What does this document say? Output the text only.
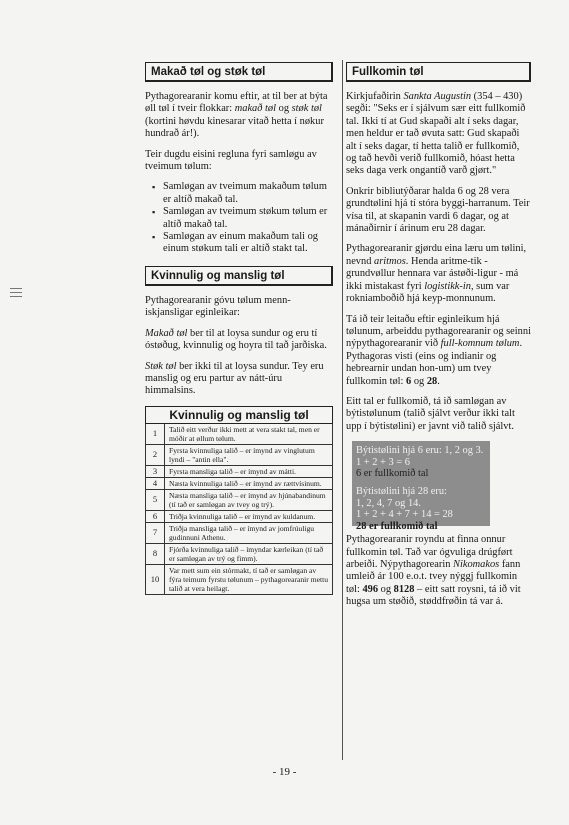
Makað tøl og støk tøl

Pythagorearanir komu eftir, at til ber at býta øll tøl í tveir flokkar: makað tøl og støk tøl (kortini høvdu kinesarar vitað hetta í nøkur hundrað ár!).

Teir dugdu eisini regluna fyri samløgu av tveimum tølum:

▪ Samløgan av tveimum makaðum tølum er altíð makað tal.
▪ Samløgan av tveimum støkum tølum er altíð makað tal.
▪ Samløgan av einum makaðum tali og einum støkum tali er altíð stakt tal.
Kvinnulig og manslig tøl

Pythagorearanir góvu tølum menn-iskjansligar eginleikar:

Makað tøl ber til at loysa sundur og eru tí óstøðug, kvinnulig og hoyra til tað jarðiska.

Støk tøl ber ikki til at loysa sundur. Tey eru manslig og eru partur av nátt-úru himmalsins.

Kvinnulig og manslig tøl	
1	Talið eitt verður ikki mett at vera stakt tal, men er móðir at øllum tølum.
2	Fyrsta kvinnuliga talið – er ímynd av vinglutum lyndi – "antin ella".
3	Fyrsta mansliga talið – er ímynd av mátti.
4	Næsta kvinnuliga talið – er ímynd av rættvísinum.
5	Næsta mansliga talið – er ímynd av hjúnabandinum (tí tað er samløgan av tvey og trý).
6	Triðja kvinnuliga talið – er ímynd av kuldanum.
7	Triðja mansliga talið – er ímynd av jomfrúuligu gudinnuni Athenu.
8	Fjórða kvinnuliga talið – ímyndar kærleikan (tí tað er samløgan av trý og fimm).
10	Var mett sum ein stórmakt, tí tað er samløgan av fýra teimum fyrstu tølunum – pythagorearanir mettu talið at vera heilagt.
Fullkomin tøl

Kirkjufaðirin Sankta Augustin (354 – 430) segði: "Seks er í sjálvum sær eitt fullkomið tal. Ikki tí at Gud skapaði alt í seks dagar, men heldur er tað øvuta satt: Gud skapaði alt í seks dagar, tí hetta talið er fullkomið, og tað hevði verið fullkomið, hóast hetta seks daga verk ongantíð varð gjørt."

Onkrir bibliutýðarar halda 6 og 28 vera grundtølini hjá tí stóra byggi-harranum. Teir vísa til, at skapanin vardi 6 dagar, og at mánaðirnir í árinum eru 28 dagar.

Pythagorearanir gjørdu eina læru um tølini, nevnd aritmos. Henda aritme-tik - grundvøllur hennara var ástøði-ligur - má ikki mistakast fyri logistikk-in, sum var rokniamboðið hjá keyp-monnunum.

Tá ið teir leitaðu eftir eginleikum hjá tølunum, arbeiddu pythagorearanir og seinni nýpythagorearanir við full-komnum tølum. Pythagoras visti (eins og indianir og hebrearnir undan hon-um) um tvey fullkomin tøl: 6 og 28.

Eitt tal er fullkomið, tá ið samløgan av býtistølunum (talið sjálvt verður ikki talt upp í býtistølini) er javnt við talið sjálvt.

Býtistølini hjá 6 eru: 1, 2 og 3.
1 + 2 + 3 = 6
6 er fullkomið tal
Býtistølini hjá 28 eru:
1, 2, 4, 7 og 14.
1 + 2 + 4 + 7 + 14 = 28
28 er fullkomið tal

Pythagorearanir royndu at finna onnur fullkomin tøl. Tað var ógvuliga drúgført arbeiði. Nýpythagorearin Nikomakos fann umleið ár 100 e.o.t. tvey nýggj fullkomin tøl: 496 og 8128 – eitt satt roysni, tá ið vit hugsa um støðið, støddfrøðin tá var á.

- 19 -
